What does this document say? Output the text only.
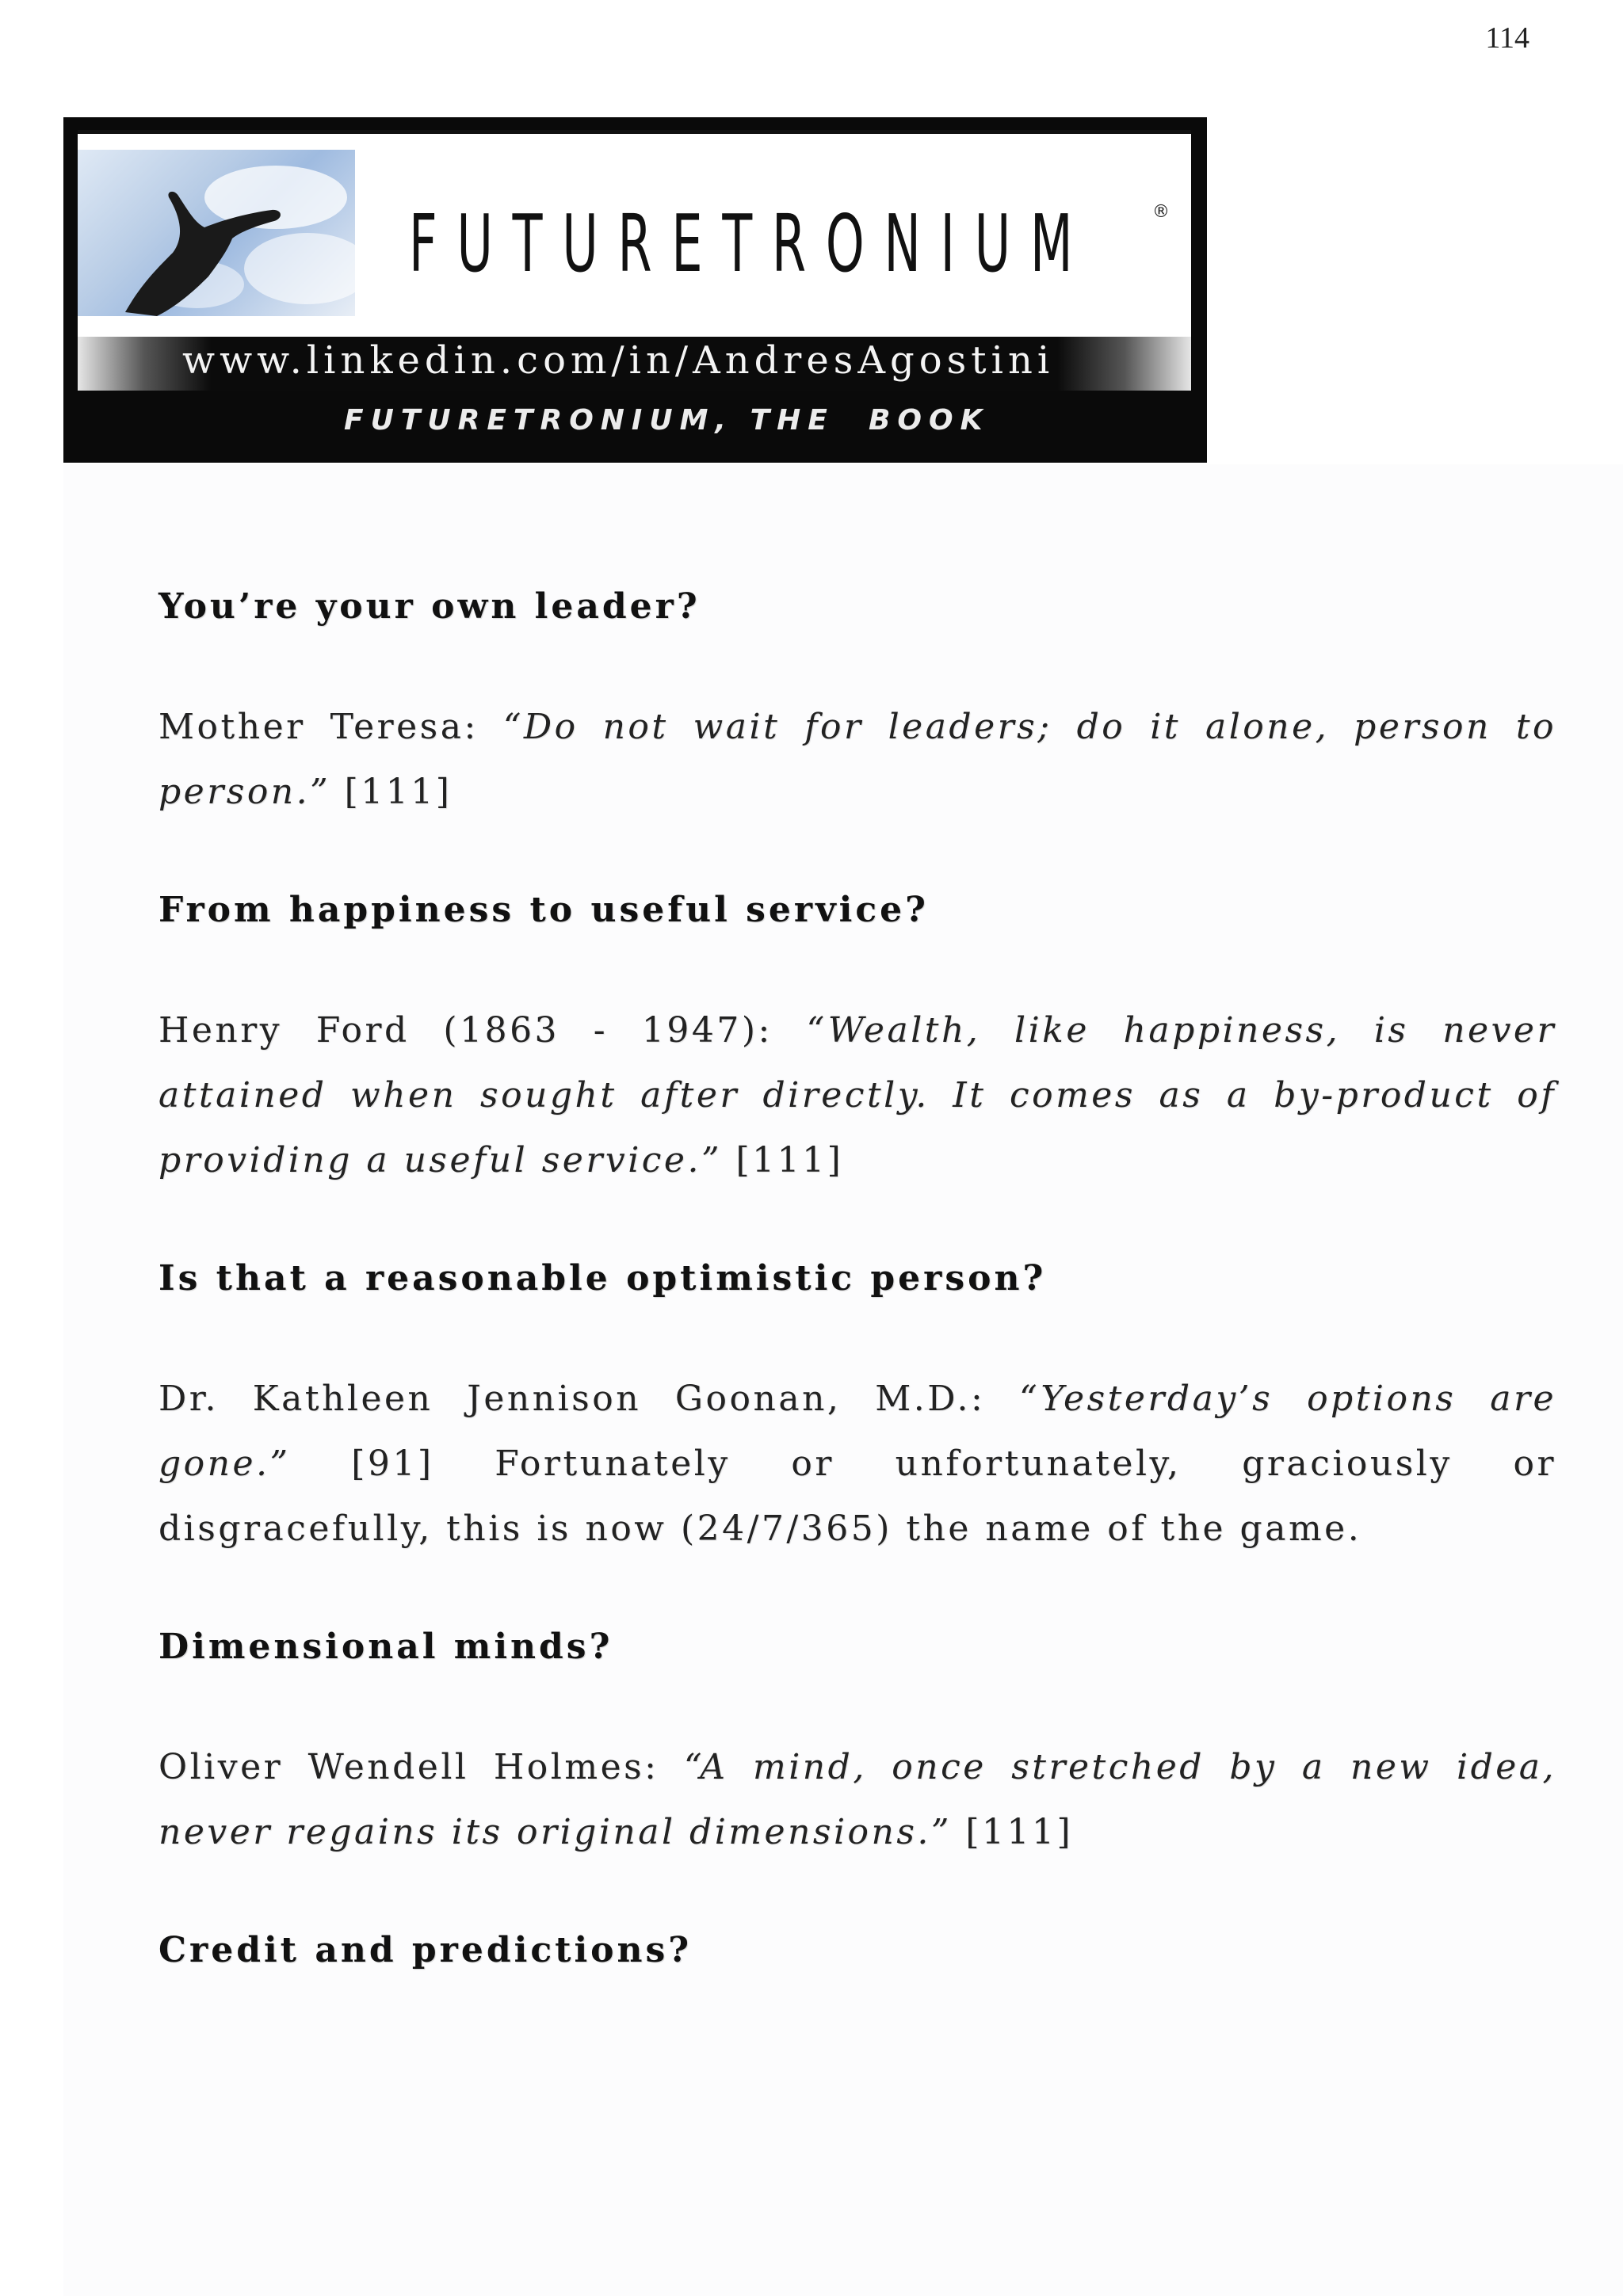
114
FUTURETRONIUM	®
www.linkedin.com/in/AndresAgostini
FUTURETRONIUM, THE  BOOK
You’re your own leader?

Mother Teresa: “Do not wait for leaders; do it alone, person to person.” [111]

From happiness to useful service?

Henry Ford (1863 - 1947): “Wealth, like happiness, is never attained when sought after directly. It comes as a by-product of providing a useful service.” [111]

Is that a reasonable optimistic person?

Dr. Kathleen Jennison Goonan, M.D.: “Yesterday’s options are gone.” [91] Fortunately or unfortunately, graciously or disgracefully, this is now (24/7/365) the name of the game.

Dimensional minds?

Oliver Wendell Holmes: “A mind, once stretched by a new idea, never regains its original dimensions.” [111]

Credit and predictions?
